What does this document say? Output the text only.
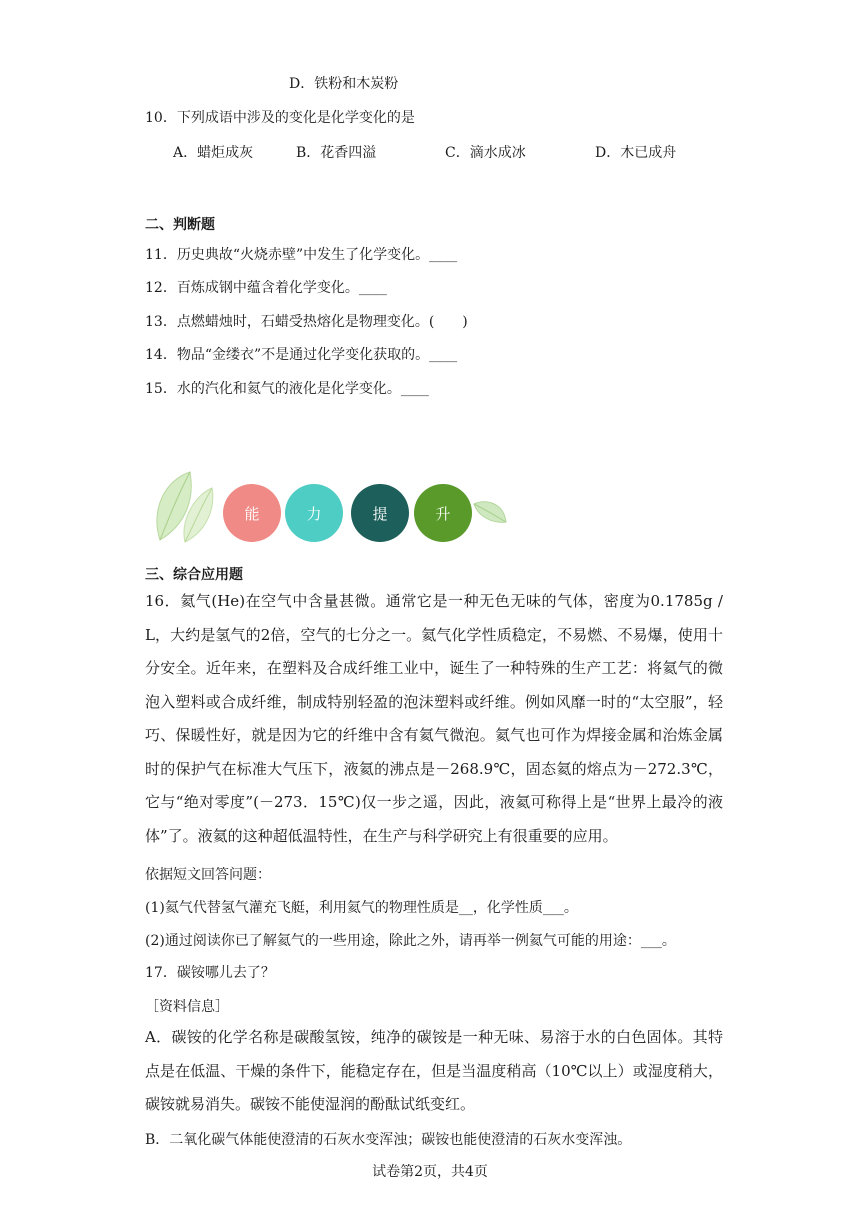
D．铁粉和木炭粉
10．下列成语中涉及的变化是化学变化的是
A．蜡炬成灰	B．花香四溢	C．滴水成冰	D．木已成舟
二、判断题
11．历史典故“火烧赤壁”中发生了化学变化。____
12．百炼成钢中蕴含着化学变化。____
13．点燃蜡烛时，石蜡受热熔化是物理变化。(　　)
14．物品“金缕衣”不是通过化学变化获取的。____
15．水的汽化和氦气的液化是化学变化。____
能	力	提	升
三、综合应用题
16．氦气(He)在空气中含量甚微。通常它是一种无色无味的气体，密度为0.1785g / L，大约是氢气的2倍，空气的七分之一。氦气化学性质稳定，不易燃、不易爆，使用十分安全。近年来，在塑料及合成纤维工业中，诞生了一种特殊的生产工艺：将氦气的微泡入塑料或合成纤维，制成特别轻盈的泡沫塑料或纤维。例如风靡一时的“太空服”，轻巧、保暖性好，就是因为它的纤维中含有氦气微泡。氦气也可作为焊接金属和治炼金属时的保护气在标准大气压下，液氦的沸点是－268.9℃，固态氦的熔点为－272.3℃，它与“绝对零度”(－273．15℃)仅一步之遥，因此，液氦可称得上是“世界上最冷的液体”了。液氦的这种超低温特性，在生产与科学研究上有很重要的应用。
依据短文回答问题：
(1)氦气代替氢气灌充飞艇，利用氦气的物理性质是__，化学性质___。
(2)通过阅读你已了解氦气的一些用途，除此之外，请再举一例氦气可能的用途：___。
17．碳铵哪儿去了？
［资料信息］
A．碳铵的化学名称是碳酸氢铵，纯净的碳铵是一种无味、易溶于水的白色固体。其特点是在低温、干燥的条件下，能稳定存在，但是当温度稍高（10℃以上）或湿度稍大，碳铵就易消失。碳铵不能使湿润的酚酞试纸变红。
B．二氧化碳气体能使澄清的石灰水变浑浊；碳铵也能使澄清的石灰水变浑浊。
试卷第2页，共4页
